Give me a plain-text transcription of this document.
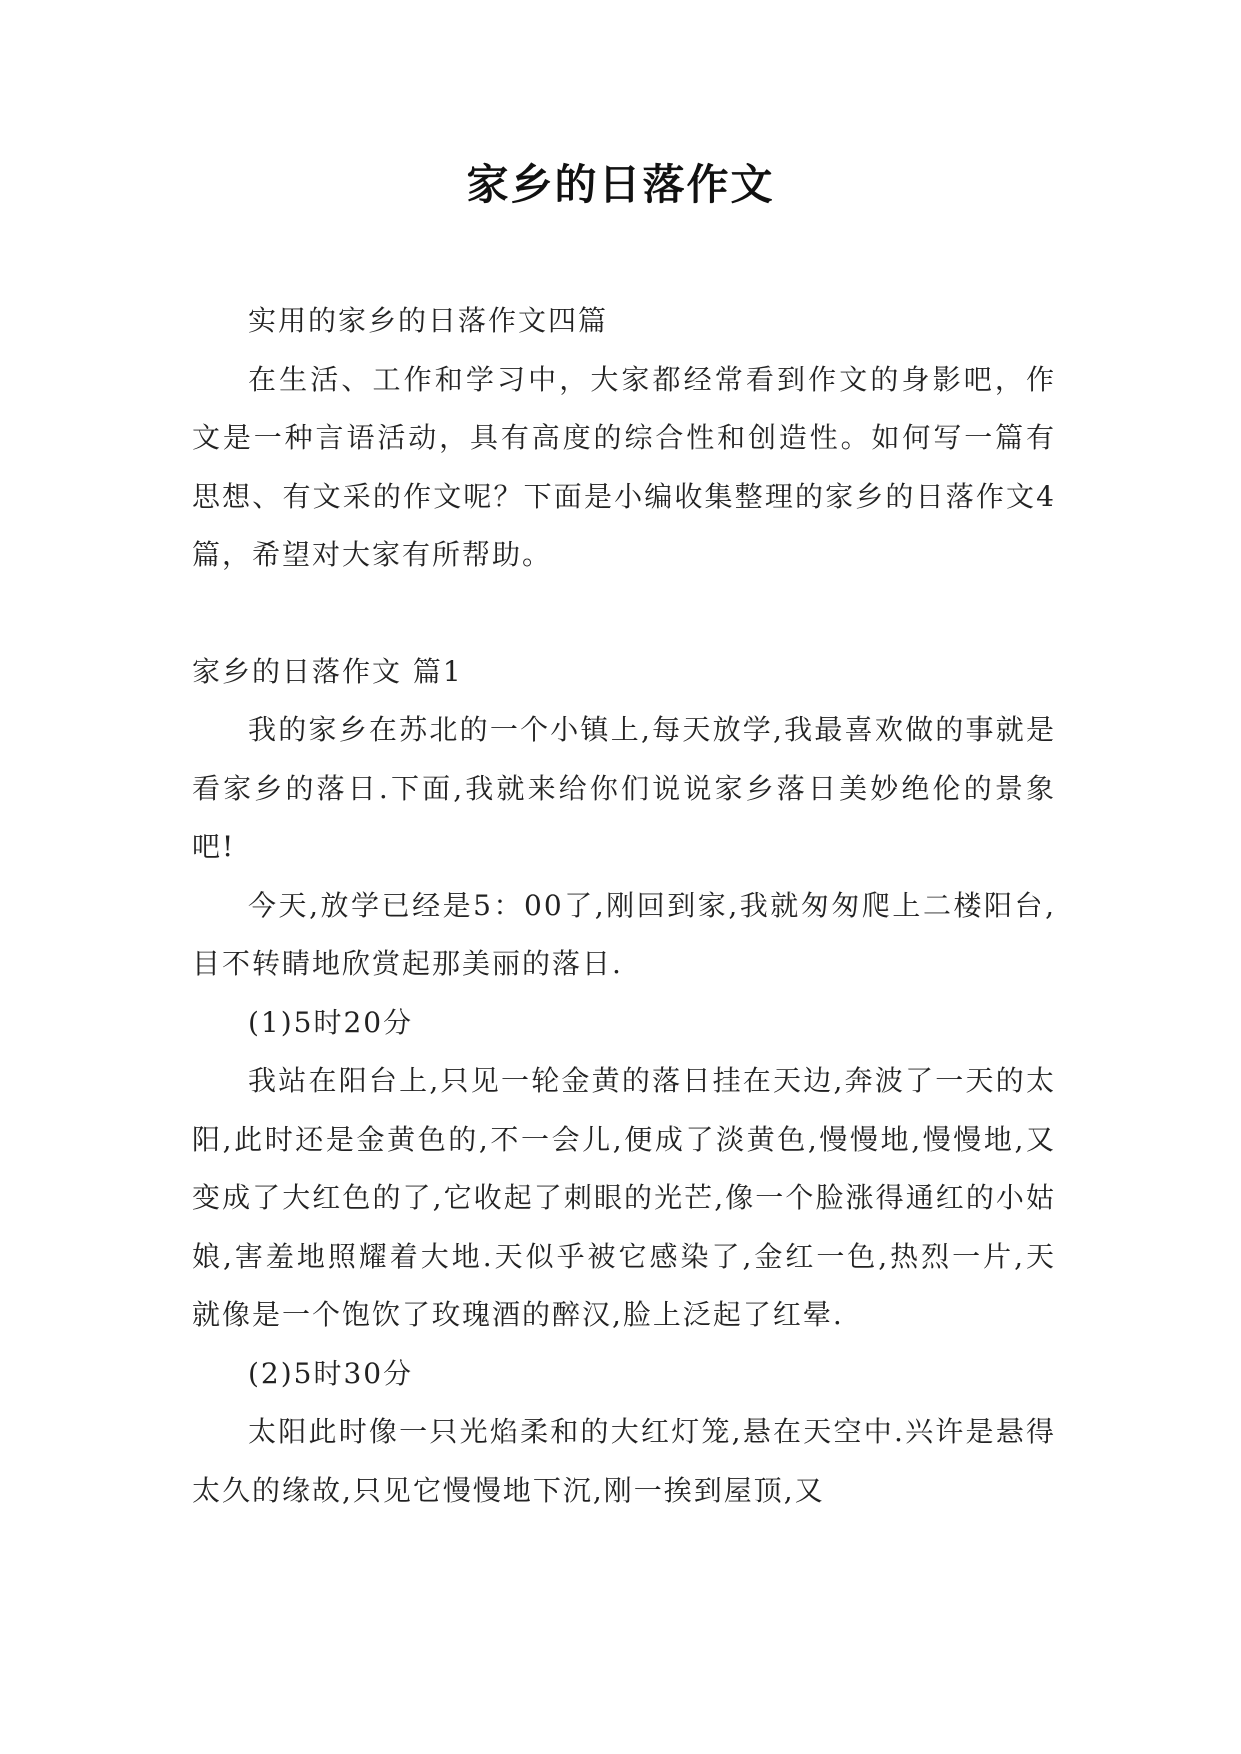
家乡的日落作文

实用的家乡的日落作文四篇

在生活、工作和学习中，大家都经常看到作文的身影吧，作文是一种言语活动，具有高度的综合性和创造性。如何写一篇有思想、有文采的作文呢？下面是小编收集整理的家乡的日落作文4篇，希望对大家有所帮助。

家乡的日落作文 篇1

我的家乡在苏北的一个小镇上,每天放学,我最喜欢做的事就是看家乡的落日.下面,我就来给你们说说家乡落日美妙绝伦的景象吧!

今天,放学已经是5：00了,刚回到家,我就匆匆爬上二楼阳台,目不转睛地欣赏起那美丽的落日.

(1)5时20分

我站在阳台上,只见一轮金黄的落日挂在天边,奔波了一天的太阳,此时还是金黄色的,不一会儿,便成了淡黄色,慢慢地,慢慢地,又变成了大红色的了,它收起了刺眼的光芒,像一个脸涨得通红的小姑娘,害羞地照耀着大地.天似乎被它感染了,金红一色,热烈一片,天就像是一个饱饮了玫瑰酒的醉汉,脸上泛起了红晕.

(2)5时30分

太阳此时像一只光焰柔和的大红灯笼,悬在天空中.兴许是悬得太久的缘故,只见它慢慢地下沉,刚一挨到屋顶,又
